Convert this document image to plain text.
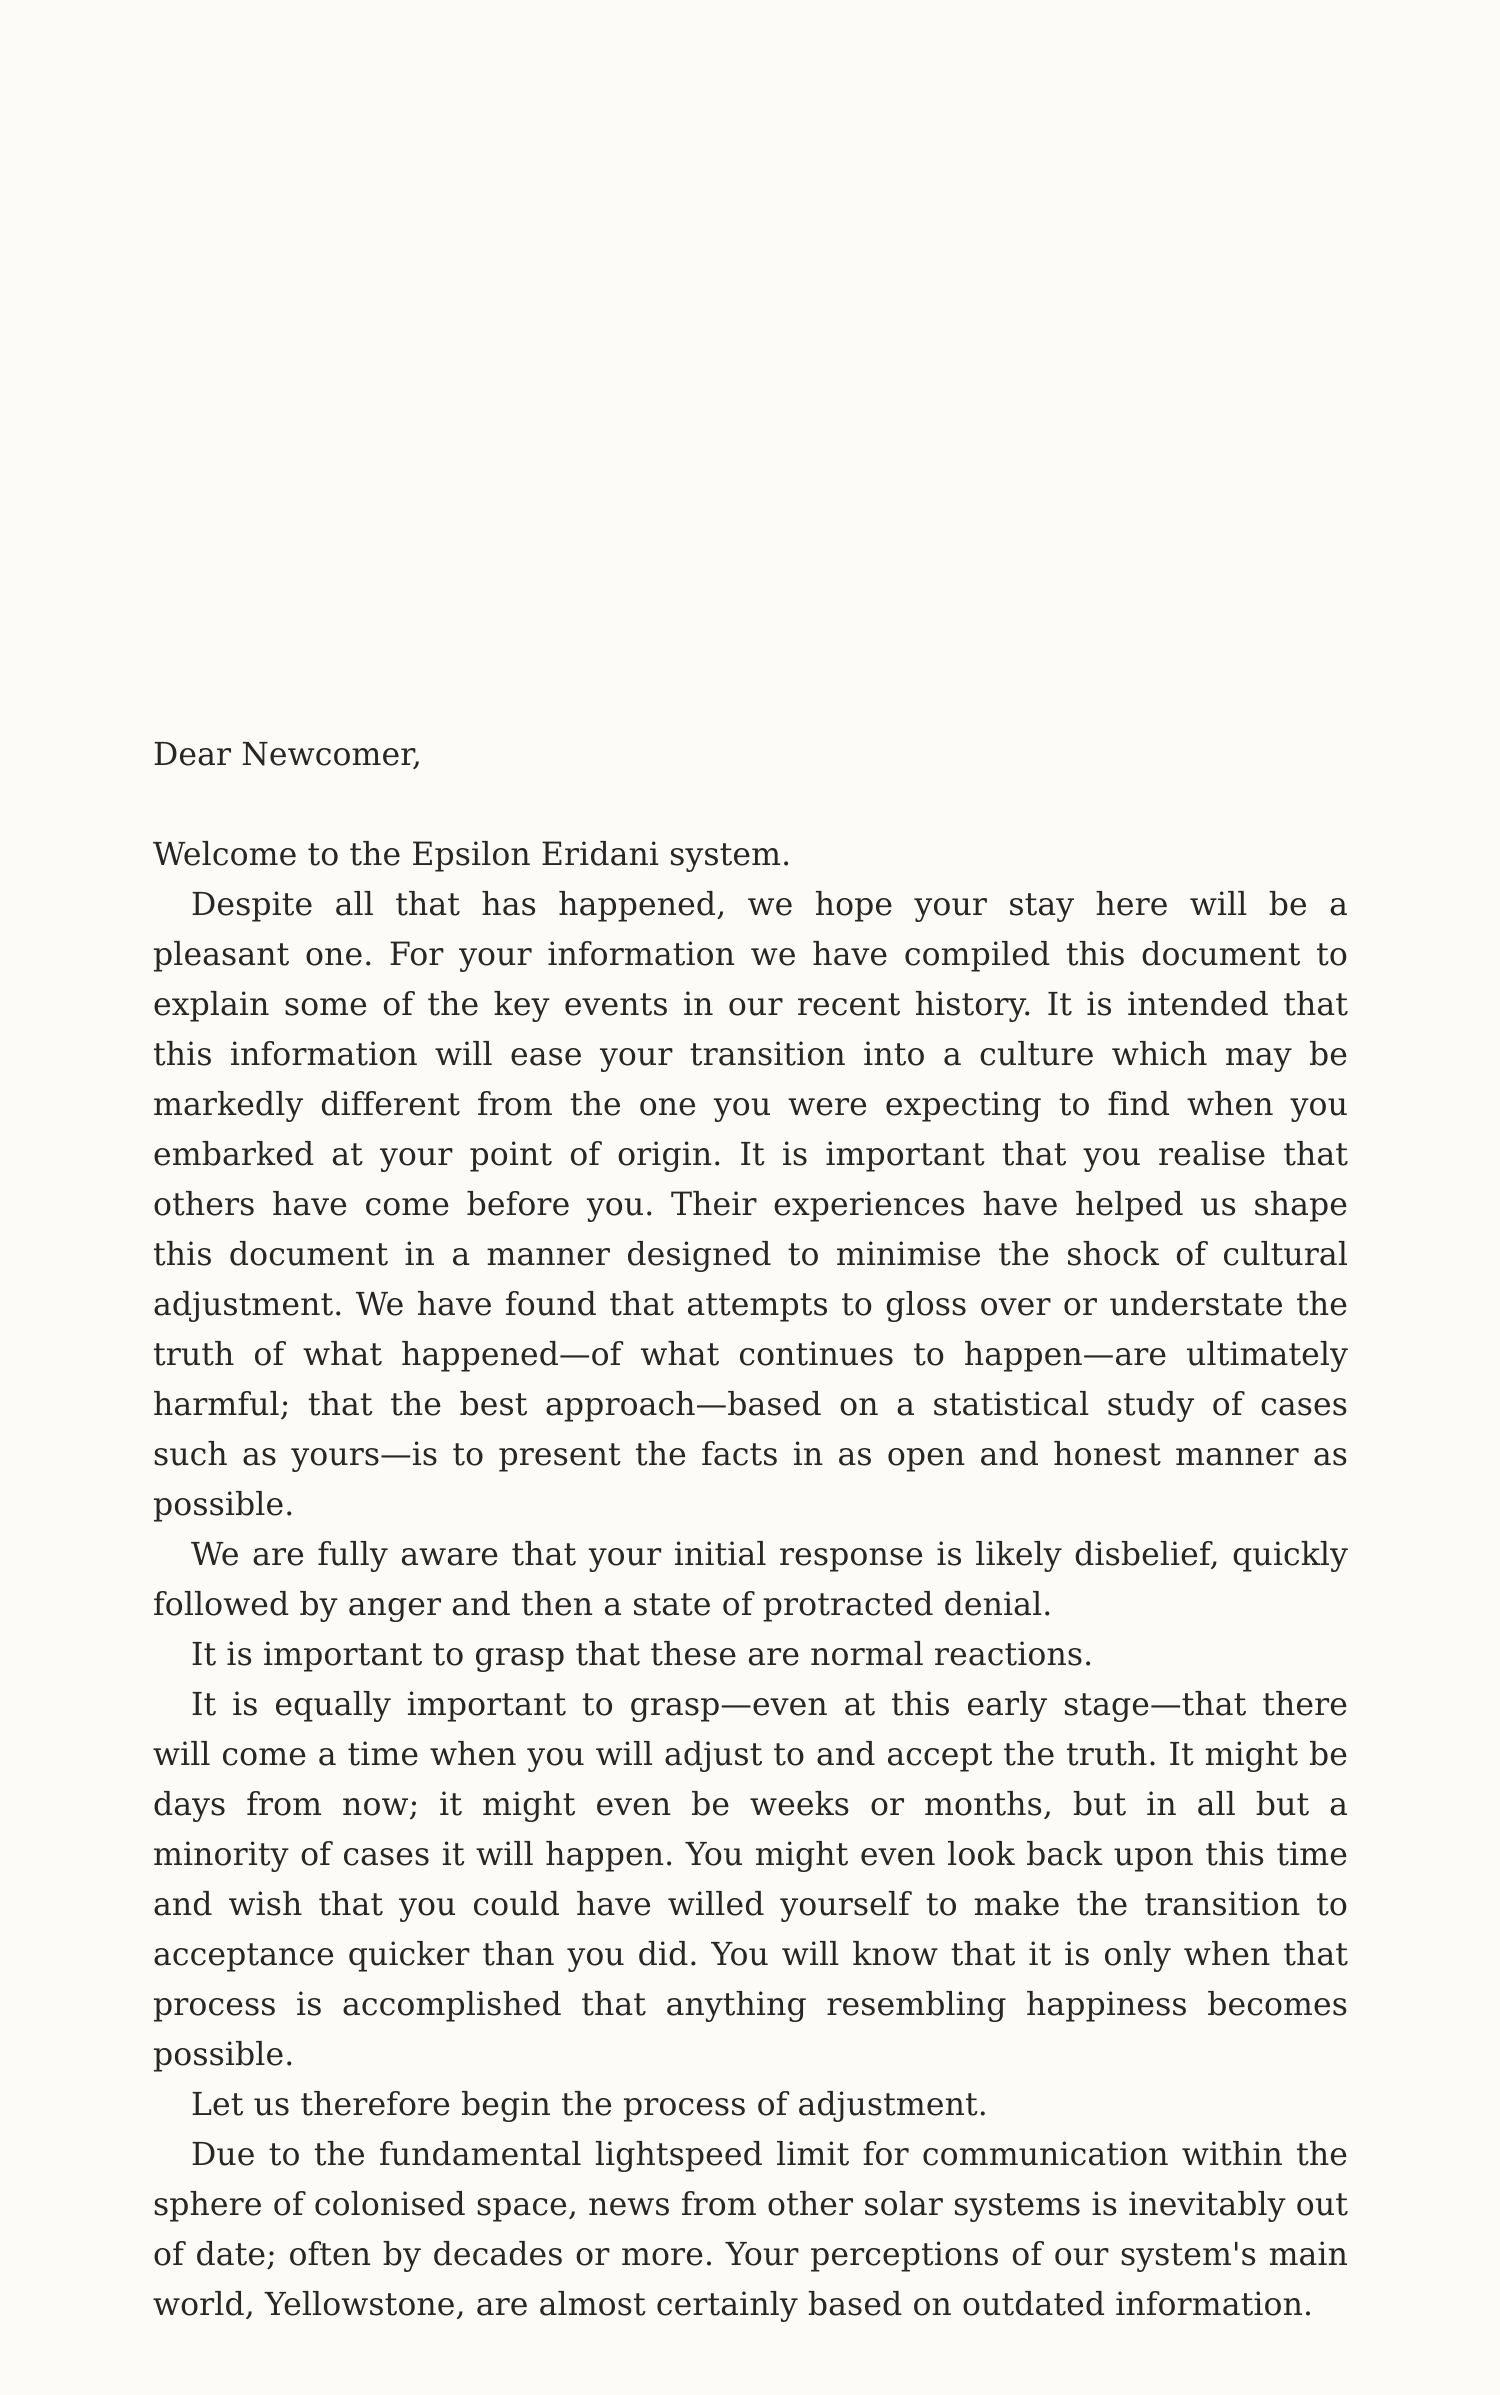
Dear Newcomer,

Welcome to the Epsilon Eridani system.

Despite all that has happened, we hope your stay here will be a pleasant one. For your information we have compiled this document to explain some of the key events in our recent history. It is intended that this information will ease your transition into a culture which may be markedly different from the one you were expecting to find when you embarked at your point of origin. It is important that you realise that others have come before you. Their experiences have helped us shape this document in a manner designed to minimise the shock of cultural adjustment. We have found that attempts to gloss over or understate the truth of what happened—of what continues to happen—are ultimately harmful; that the best approach—based on a statistical study of cases such as yours—is to present the facts in as open and honest manner as possible.

We are fully aware that your initial response is likely disbelief, quickly followed by anger and then a state of protracted denial.

It is important to grasp that these are normal reactions.

It is equally important to grasp—even at this early stage—that there will come a time when you will adjust to and accept the truth. It might be days from now; it might even be weeks or months, but in all but a minority of cases it will happen. You might even look back upon this time and wish that you could have willed yourself to make the transition to acceptance quicker than you did. You will know that it is only when that process is accomplished that anything resembling happiness becomes possible.

Let us therefore begin the process of adjustment.

Due to the fundamental lightspeed limit for communication within the sphere of colonised space, news from other solar systems is inevitably out of date; often by decades or more. Your perceptions of our system's main world, Yellowstone, are almost certainly based on outdated information.
